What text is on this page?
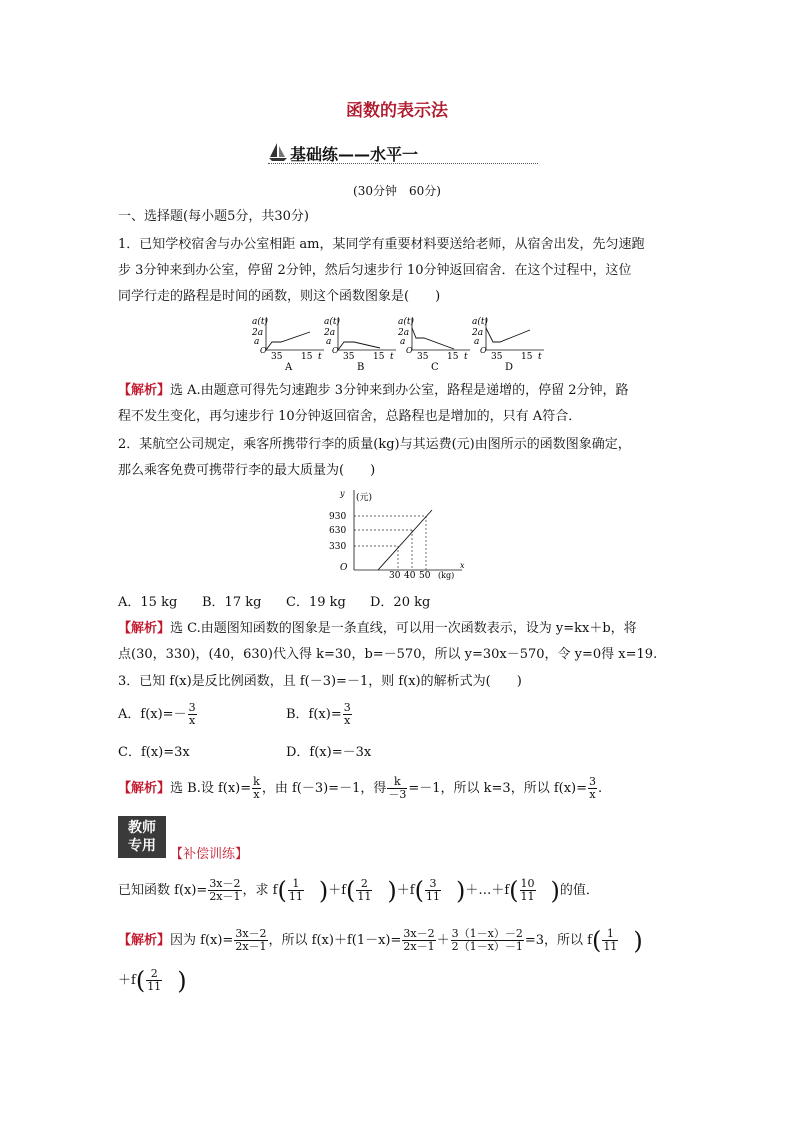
函数的表示法
基础练——水平一
(30分钟　60分)
一、选择题(每小题5分，共30分)
1．已知学校宿舍与办公室相距 am，某同学有重要材料要送给老师，从宿舍出发，先匀速跑
步 3分钟来到办公室，停留 2分钟，然后匀速步行 10分钟返回宿舍．在这个过程中，这位
同学行走的路程是时间的函数，则这个函数图象是(　　)
a(t)
2a
a
O
35 15 t
A
a(t)
2a
a
O
35 15 t
B
a(t)
2a
a
O
35 15 t
C
a(t)
2a
a
O
35 15 t
D
【解析】选 A.由题意可得先匀速跑步 3分钟来到办公室，路程是递增的，停留 2分钟，路
程不发生变化，再匀速步行 10分钟返回宿舍，总路程也是增加的，只有 A符合．
2．某航空公司规定，乘客所携带行李的质量(kg)与其运费(元)由图所示的函数图象确定，
那么乘客免费可携带行李的最大质量为(　　)
y (元)
O
930
630
330
30 40 50 (kg)
x
A．15 kg B．17 kg C．19 kg D．20 kg
【解析】选 C.由题图知函数的图象是一条直线，可以用一次函数表示，设为 y=kx＋b，将
点(30，330)，(40，630)代入得 k=30，b=－570，所以 y=30x－570，令 y=0得 x=19.
3．已知 f(x)是反比例函数，且 f(－3)=－1，则 f(x)的解析式为(　　)
A．$f(x)=- \frac{3}{x}$	B．$f(x)= \frac{3}{x}$
C．f(x)=3x	D．f(x)=－3x
【解析】选 B.设 $f(x)= \frac{k}{x}$ ，由 f(－3)=－1，得 $\frac{k}{-3} =-1$，所以 k=3，所以 $f(x)= \frac{3}{x}$ .
教师
专用
【补偿训练】
已知函数 $f(x)= \frac{3x-2}{2x-1}$ ，求 $f( \frac{1}{11} )+f( \frac{2}{11} )+f( \frac{3}{11}$ )＋…＋f( $\frac{10}{11}$ )的值．
【解析】因为 $f(x)= \frac{3x-2}{2x-1}$ ，所以 $f(x)+f(1-x)= \frac{3x-2}{2x-1} + \frac{3(1-x)-2}{2(1-x)-1} =3$，所以 $f( \frac{1}{11}$ )
$+f( \frac{2}{11}$ )
